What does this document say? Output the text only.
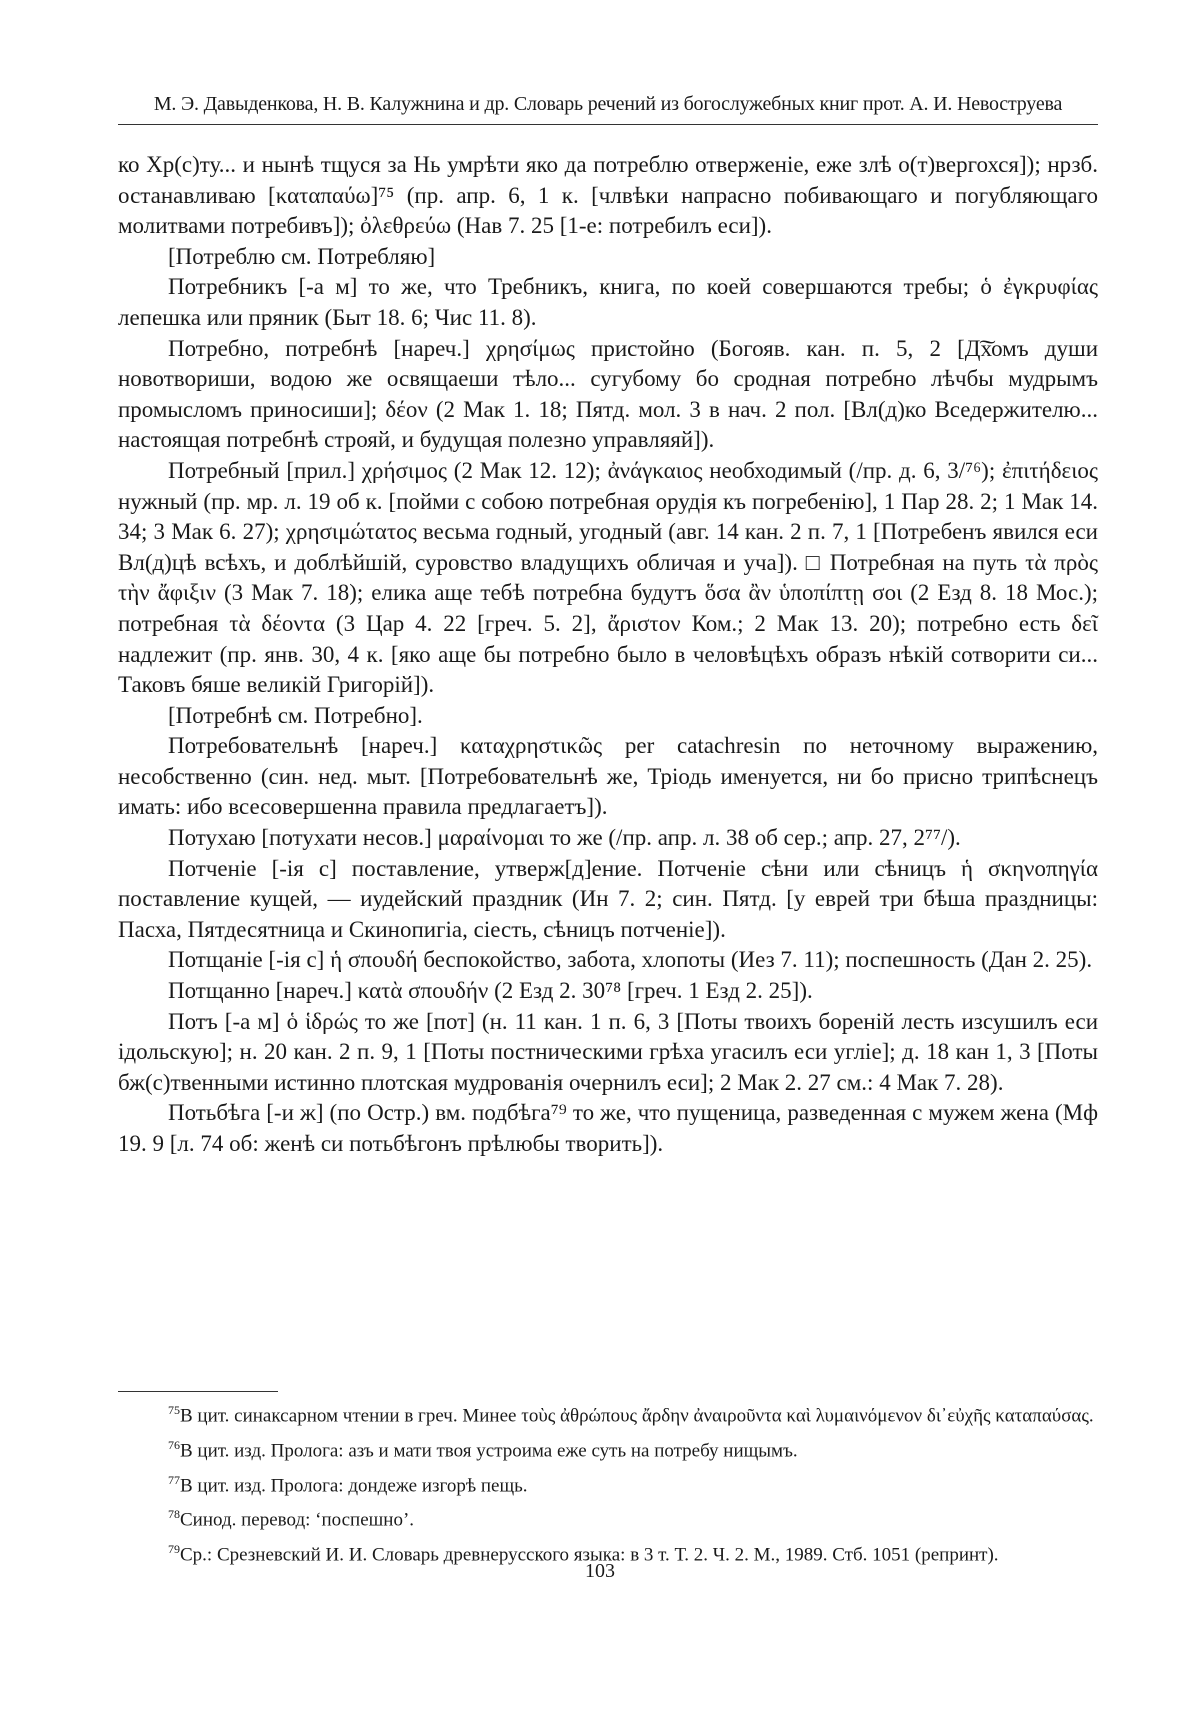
М. Э. Давыденкова, Н. В. Калужнина и др. Словарь речений из богослужебных книг прот. А. И. Невоструева

ко Хр(с)ту... и нынѣ тщуся за Нь умрѣти яко да потреблю отверженіе, еже злѣ о(т)вергохся]); нрзб. останавливаю [καταπαύω]⁷⁵ (пр. апр. 6, 1 к. [члвѣки напрасно побивающаго и погубляющаго молитвами потребивъ]); ὀλεθρεύω (Нав 7. 25 [1-е: потребилъ еси]).

[Потреблю см. Потребляю]

Потребникъ [-а м] то же, что Требникъ, книга, по коей совершаются требы; ὁ ἐγκρυφίας лепешка или пряник (Быт 18. 6; Чис 11. 8).

Потребно, потребнѣ [нареч.] χρησίμως пристойно (Богояв. кан. п. 5, 2 [Д͠хомъ души новотвориши, водою же освящаеши тѣло... сугубому бо сродная потребно лѣчбы мудрымъ промысломъ приносиши]; δέον (2 Мак 1. 18; Пятд. мол. 3 в нач. 2 пол. [Вл(д)ко Вседержителю... настоящая потребнѣ строяй, и будущая полезно управляяй]).

Потребный [прил.] χρήσιμος (2 Мак 12. 12); ἀνάγκαιος необходимый (/пр. д. 6, 3/⁷⁶); ἐπιτήδειος нужный (пр. мр. л. 19 об к. [пойми с собою потребная орудія къ погребенію], 1 Пар 28. 2; 1 Мак 14. 34; 3 Мак 6. 27); χρησιμώτατος весьма годный, угодный (авг. 14 кан. 2 п. 7, 1 [Потребенъ явился еси Вл(д)цѣ всѣхъ, и доблѣйшій, суровство владущихъ обличая и уча]). □ Потребная на путь τὰ πρὸς τὴν ἄφιξιν (3 Мак 7. 18); елика аще тебѣ потребна будутъ ὅσα ἂν ὑποπίπτῃ σοι (2 Езд 8. 18 Мос.); потребная τὰ δέοντα (3 Цар 4. 22 [греч. 5. 2], ἄριστον Ком.; 2 Мак 13. 20); потребно есть δεῖ надлежит (пр. янв. 30, 4 к. [яко аще бы потребно было в человѣцѣхъ образъ нѣкій сотворити си... Таковъ бяше великій Григорій]).

[Потребнѣ см. Потребно].

Потребовательнѣ [нареч.] καταχρηστικῶς per catachresin по неточному выражению, несобственно (син. нед. мыт. [Потребовательнѣ же, Тріодь именуется, ни бо присно трипѣснецъ имать: ибо всесовершенна правила предлагаетъ]).

Потухаю [потухати несов.] μαραίνομαι то же (/пр. апр. л. 38 об сер.; апр. 27, 2⁷⁷/).

Потченіе [-ія с] поставление, утверж[д]ение. Потченіе сѣни или сѣницъ ἡ σκηνοπηγία поставление кущей, — иудейский праздник (Ин 7. 2; син. Пятд. [у еврей три бѣша праздницы: Пасха, Пятдесятница и Скинопигіа, сіесть, сѣницъ потченіе]).

Потщаніе [-ія с] ἡ σπουδή беспокойство, забота, хлопоты (Иез 7. 11); поспешность (Дан 2. 25).

Потщанно [нареч.] κατὰ σπουδήν (2 Езд 2. 30⁷⁸ [греч. 1 Езд 2. 25]).

Потъ [-а м] ὁ ἱδρώς то же [пот] (н. 11 кан. 1 п. 6, 3 [Поты твоихъ бореній лесть изсушилъ еси ідольскую]; н. 20 кан. 2 п. 9, 1 [Поты постническими грѣха угасилъ еси угліе]; д. 18 кан 1, 3 [Поты бж(с)твенными истинно плотская мудрованія очернилъ еси]; 2 Мак 2. 27 см.: 4 Мак 7. 28).

Потьбѣга [-и ж] (по Остр.) вм. подбѣга⁷⁹ то же, что пущеница, разведенная с мужем жена (Мф 19. 9 [л. 74 об: женѣ си потьбѣгонъ прѣлюбы творить]).

75В цит. синаксарном чтении в греч. Минее τοὺς ἀθρώπους ἄρδην ἀναιροῦντα καὶ λυμαινόμενον δι᾽εὐχῆς καταπαύσας.

76В цит. изд. Пролога: азъ и мати твоя устроима еже суть на потребу нищымъ.

77В цит. изд. Пролога: дондеже изгорѣ пещь.

78Синод. перевод: ‘поспешно’.

79Ср.: Срезневский И. И. Словарь древнерусского языка: в 3 т. Т. 2. Ч. 2. М., 1989. Стб. 1051 (репринт).

103
